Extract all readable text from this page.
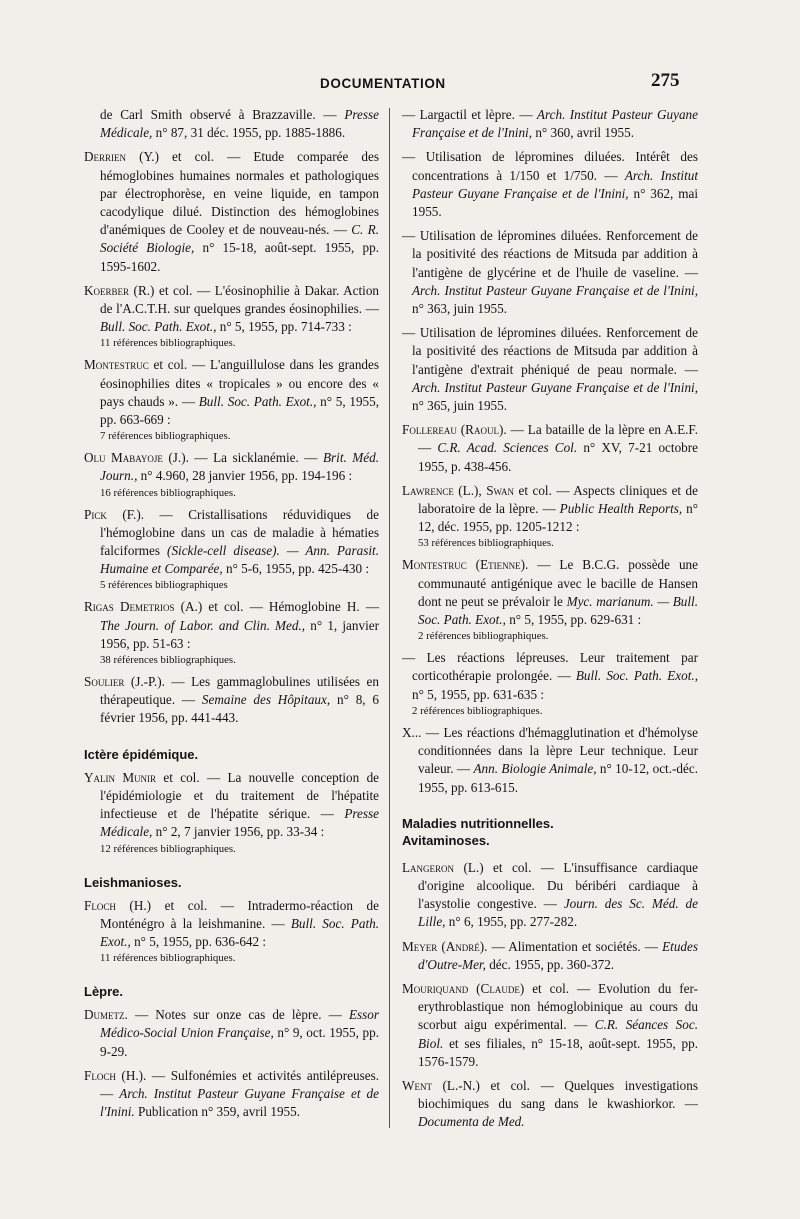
DOCUMENTATION	275

de Carl Smith observé à Brazzaville. — Presse Médicale, n° 87, 31 déc. 1955, pp. 1885-1886.

Derrien (Y.) et col. — Etude comparée des hémoglobines humaines normales et pathologiques par électrophorèse, en veine liquide, en tampon cacodylique dilué. Distinction des hémoglobines d'anémiques de Cooley et de nouveau-nés. — C. R. Société Biologie, n° 15-18, août-sept. 1955, pp. 1595-1602.

Koerber (R.) et col. — L'éosinophilie à Dakar. Action de l'A.C.T.H. sur quelques grandes éosinophilies. — Bull. Soc. Path. Exot., n° 5, 1955, pp. 714-733 :
11 références bibliographiques.

Montestruc et col. — L'anguillulose dans les grandes éosinophilies dites « tropicales » ou encore des « pays chauds ». — Bull. Soc. Path. Exot., n° 5, 1955, pp. 663-669 :
7 références bibliographiques.

Olu Mabayoje (J.). — La sicklanémie. — Brit. Méd. Journ., n° 4.960, 28 janvier 1956, pp. 194-196 :
16 références bibliographiques.

Pick (F.). — Cristallisations réduvidiques de l'hémoglobine dans un cas de maladie à hématies falciformes (Sickle-cell disease). — Ann. Parasit. Humaine et Comparée, n° 5-6, 1955, pp. 425-430 :
5 références bibliographiques

Rigas Demetrios (A.) et col. — Hémoglobine H. — The Journ. of Labor. and Clin. Med., n° 1, janvier 1956, pp. 51-63 :
38 références bibliographiques.

Soulier (J.-P.). — Les gammaglobulines utilisées en thérapeutique. — Semaine des Hôpitaux, n° 8, 6 février 1956, pp. 441-443.

Ictère épidémique.

Yalin Munir et col. — La nouvelle conception de l'épidémiologie et du traitement de l'hépatite infectieuse et de l'hépatite sérique. — Presse Médicale, n° 2, 7 janvier 1956, pp. 33-34 :
12 références bibliographiques.

Leishmanioses.

Floch (H.) et col. — Intradermo-réaction de Monténégro à la leishmanine. — Bull. Soc. Path. Exot., n° 5, 1955, pp. 636-642 :
11 références bibliographiques.

Lèpre.

Dumetz. — Notes sur onze cas de lèpre. — Essor Médico-Social Union Française, n° 9, oct. 1955, pp. 9-29.

Floch (H.). — Sulfonémies et activités antilépreuses. — Arch. Institut Pasteur Guyane Française et de l'Inini. Publication n° 359, avril 1955.

— Largactil et lèpre. — Arch. Institut Pasteur Guyane Française et de l'Inini, n° 360, avril 1955.

— Utilisation de lépromines diluées. Intérêt des concentrations à 1/150 et 1/750. — Arch. Institut Pasteur Guyane Française et de l'Inini, n° 362, mai 1955.

— Utilisation de lépromines diluées. Renforcement de la positivité des réactions de Mitsuda par addition à l'antigène de glycérine et de l'huile de vaseline. — Arch. Institut Pasteur Guyane Française et de l'Inini, n° 363, juin 1955.

— Utilisation de lépromines diluées. Renforcement de la positivité des réactions de Mitsuda par addition à l'antigène d'extrait phéniqué de peau normale. — Arch. Institut Pasteur Guyane Française et de l'Inini, n° 365, juin 1955.

Follereau (Raoul). — La bataille de la lèpre en A.E.F. — C.R. Acad. Sciences Col. n° XV, 7-21 octobre 1955, p. 438-456.

Lawrence (L.), Swan et col. — Aspects cliniques et de laboratoire de la lèpre. — Public Health Reports, n° 12, déc. 1955, pp. 1205-1212 :
53 références bibliographiques.

Montestruc (Etienne). — Le B.C.G. possède une communauté antigénique avec le bacille de Hansen dont ne peut se prévaloir le Myc. marianum. — Bull. Soc. Path. Exot., n° 5, 1955, pp. 629-631 :
2 références bibliographiques.

— Les réactions lépreuses. Leur traitement par corticothérapie prolongée. — Bull. Soc. Path. Exot., n° 5, 1955, pp. 631-635 :
2 références bibliographiques.

X... — Les réactions d'hémagglutination et d'hémolyse conditionnées dans la lèpre Leur technique. Leur valeur. — Ann. Biologie Animale, n° 10-12, oct.-déc. 1955, pp. 613-615.

Maladies nutritionnelles.
Avitaminoses.

Langeron (L.) et col. — L'insuffisance cardiaque d'origine alcoolique. Du béribéri cardiaque à l'asystolie congestive. — Journ. des Sc. Méd. de Lille, n° 6, 1955, pp. 277-282.

Meyer (André). — Alimentation et sociétés. — Etudes d'Outre-Mer, déc. 1955, pp. 360-372.

Mouriquand (Claude) et col. — Evolution du fer-erythroblastique non hémoglobinique au cours du scorbut aigu expérimental. — C.R. Séances Soc. Biol. et ses filiales, n° 15-18, août-sept. 1955, pp. 1576-1579.

Went (L.-N.) et col. — Quelques investigations biochimiques du sang dans le kwashiorkor. — Documenta de Med.
